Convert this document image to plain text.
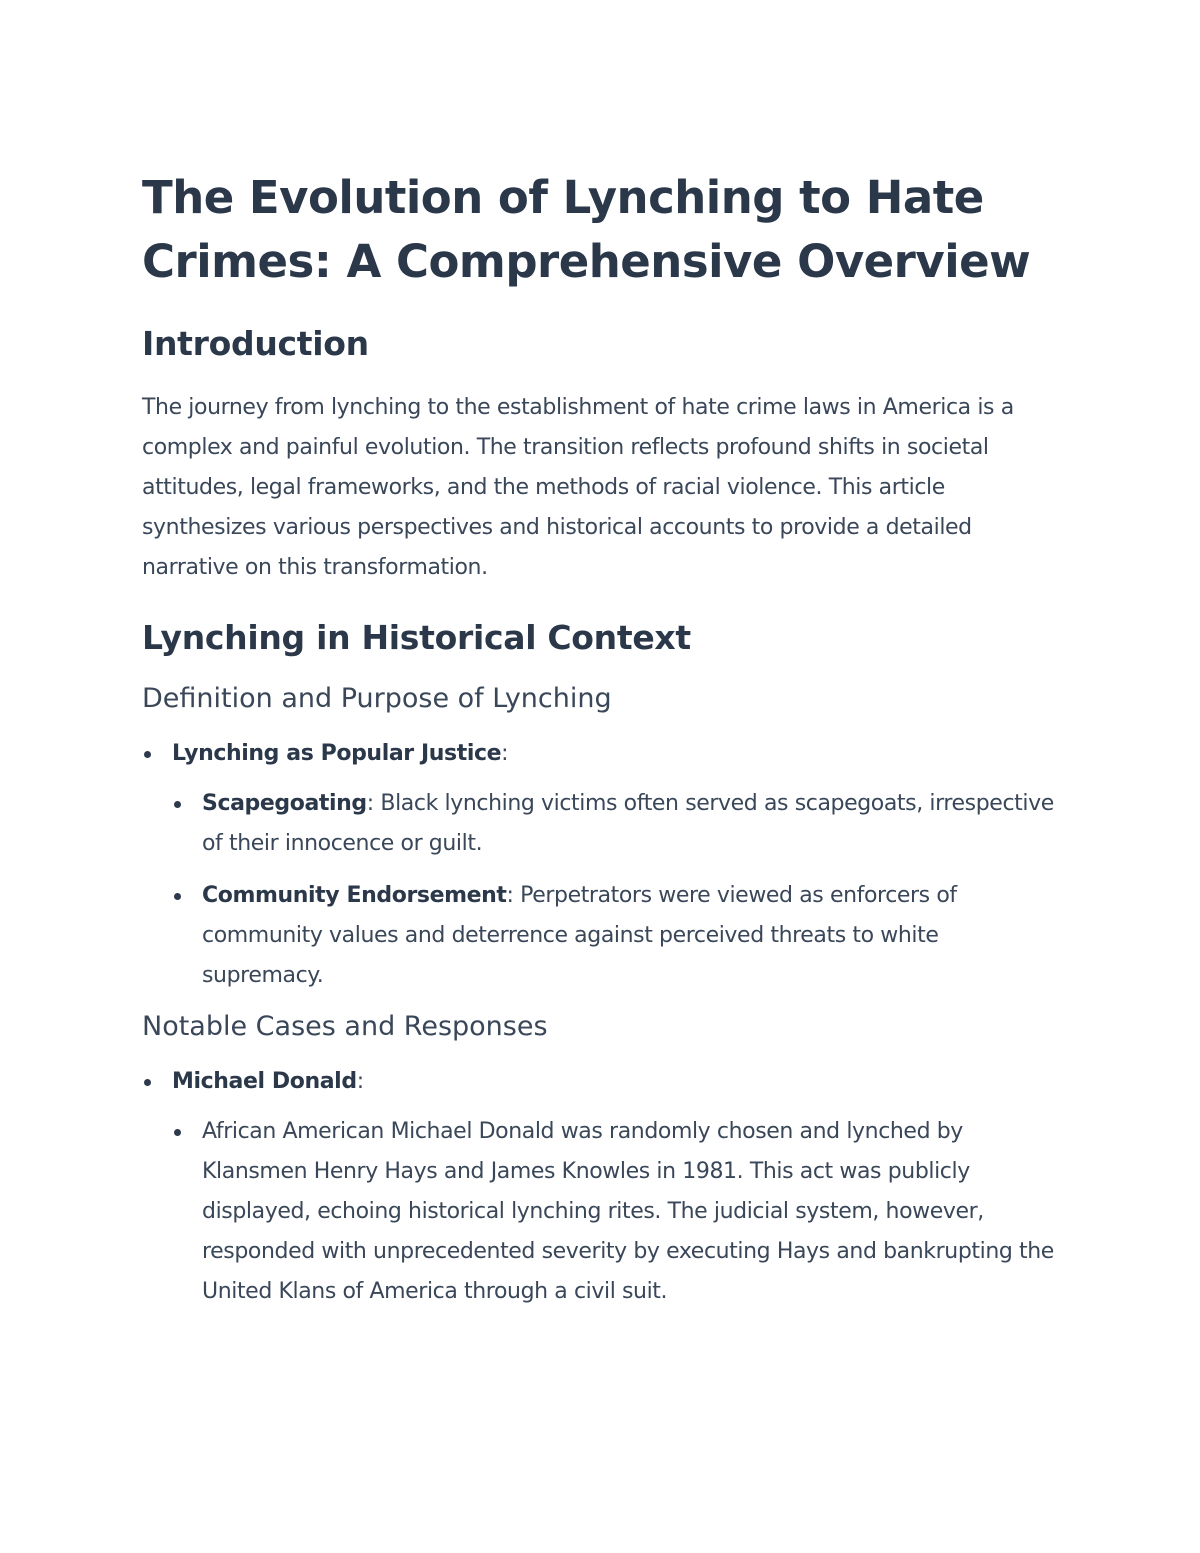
The Evolution of Lynching to Hate Crimes: A Comprehensive Overview
Introduction

The journey from lynching to the establishment of hate crime laws in America is a complex and painful evolution. The transition reflects profound shifts in societal attitudes, legal frameworks, and the methods of racial violence. This article synthesizes various perspectives and historical accounts to provide a detailed narrative on this transformation.

Lynching in Historical Context
Definition and Purpose of Lynching
Lynching as Popular Justice:
Scapegoating: Black lynching victims often served as scapegoats, irrespective of their innocence or guilt.
Community Endorsement: Perpetrators were viewed as enforcers of community values and deterrence against perceived threats to white supremacy.
Notable Cases and Responses
Michael Donald:
African American Michael Donald was randomly chosen and lynched by Klansmen Henry Hays and James Knowles in 1981. This act was publicly displayed, echoing historical lynching rites. The judicial system, however, responded with unprecedented severity by executing Hays and bankrupting the United Klans of America through a civil suit.
